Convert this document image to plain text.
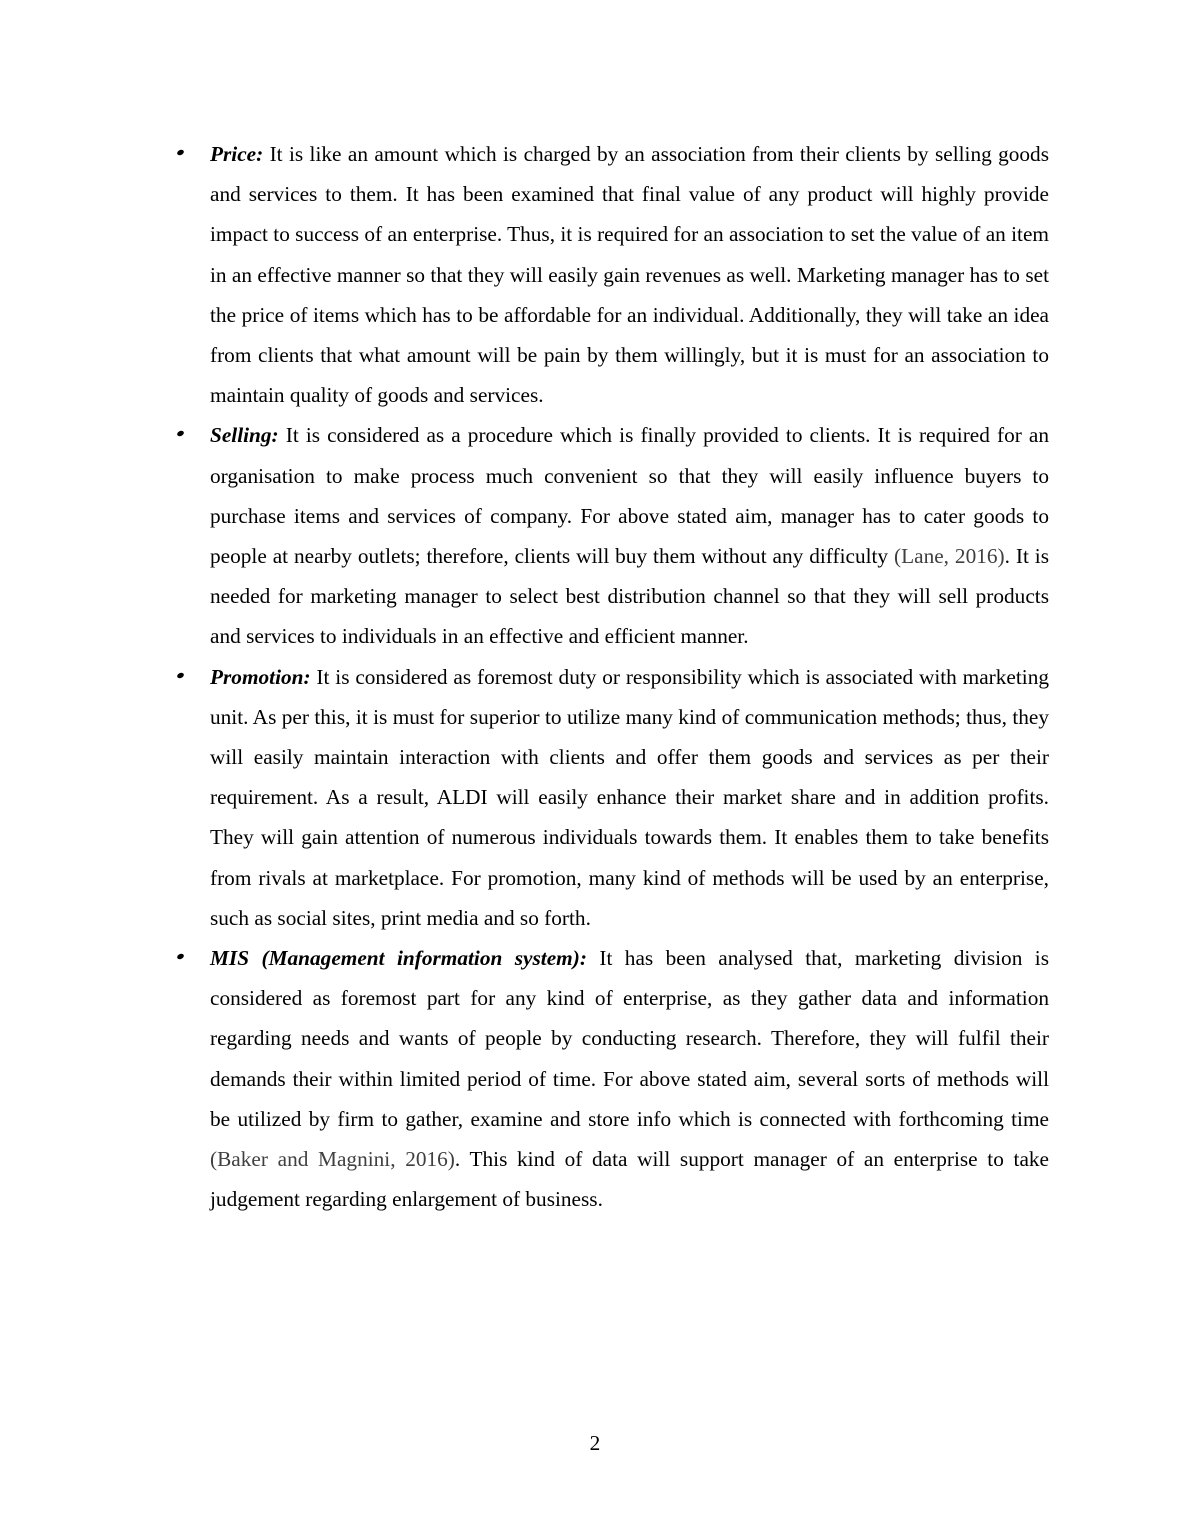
Price: It is like an amount which is charged by an association from their clients by selling goods and services to them. It has been examined that final value of any product will highly provide impact to success of an enterprise. Thus, it is required for an association to set the value of an item in an effective manner so that they will easily gain revenues as well. Marketing manager has to set the price of items which has to be affordable for an individual. Additionally, they will take an idea from clients that what amount will be pain by them willingly, but it is must for an association to maintain quality of goods and services.
Selling: It is considered as a procedure which is finally provided to clients. It is required for an organisation to make process much convenient so that they will easily influence buyers to purchase items and services of company. For above stated aim, manager has to cater goods to people at nearby outlets; therefore, clients will buy them without any difficulty (Lane, 2016). It is needed for marketing manager to select best distribution channel so that they will sell products and services to individuals in an effective and efficient manner.
Promotion: It is considered as foremost duty or responsibility which is associated with marketing unit. As per this, it is must for superior to utilize many kind of communication methods; thus, they will easily maintain interaction with clients and offer them goods and services as per their requirement. As a result, ALDI will easily enhance their market share and in addition profits. They will gain attention of numerous individuals towards them. It enables them to take benefits from rivals at marketplace. For promotion, many kind of methods will be used by an enterprise, such as social sites, print media and so forth.
MIS (Management information system): It has been analysed that, marketing division is considered as foremost part for any kind of enterprise, as they gather data and information regarding needs and wants of people by conducting research. Therefore, they will fulfil their demands their within limited period of time. For above stated aim, several sorts of methods will be utilized by firm to gather, examine and store info which is connected with forthcoming time (Baker and Magnini, 2016). This kind of data will support manager of an enterprise to take judgement regarding enlargement of business.
2
